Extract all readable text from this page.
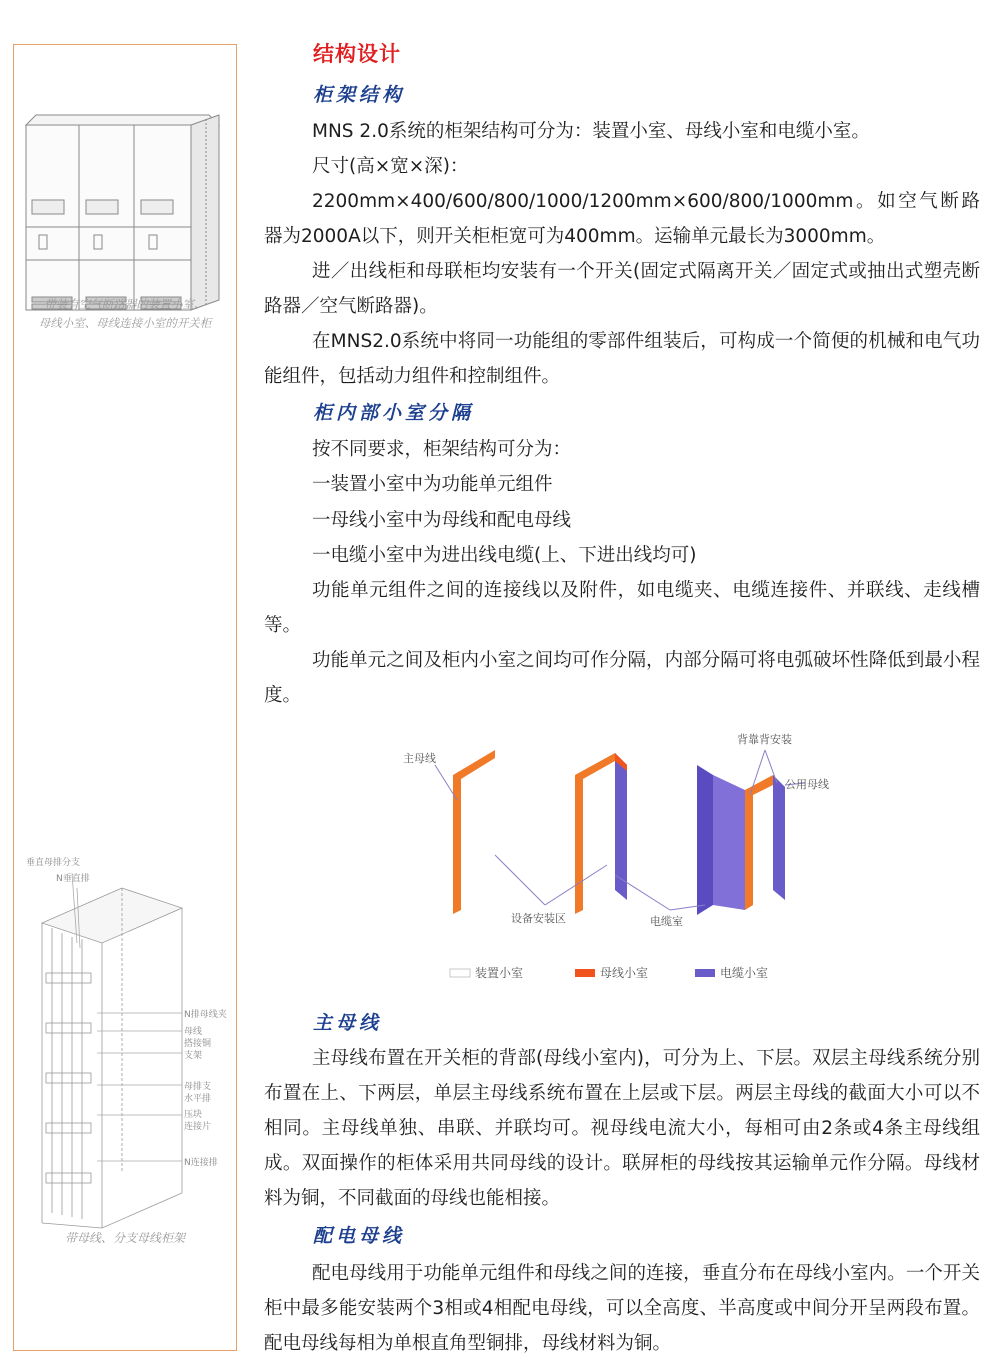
带装有空气断路器的装置小室、
母线小室、母线连接小室的开关柜
垂直母排分支
N垂直排
N排母线夹
母线
搭接铜
支架
母排支
水平排
压块
连接片
N连接排
带母线、分支母线柜架
结构设计
柜架结构
MNS 2.0系统的柜架结构可分为：装置小室、母线小室和电缆小室。
尺寸(高×宽×深)：
2200mm×400/600/800/1000/1200mm×600/800/1000mm。如空气断路器为2000A以下，则开关柜柜宽可为400mm。运输单元最长为3000mm。
进／出线柜和母联柜均安装有一个开关(固定式隔离开关／固定式或抽出式塑壳断路器／空气断路器)。
在MNS2.0系统中将同一功能组的零部件组装后，可构成一个简便的机械和电气功能组件，包括动力组件和控制组件。
柜内部小室分隔
按不同要求，柜架结构可分为：
一装置小室中为功能单元组件
一母线小室中为母线和配电母线
一电缆小室中为进出线电缆(上、下进出线均可)
功能单元组件之间的连接线以及附件，如电缆夹、电缆连接件、并联线、走线槽等。
功能单元之间及柜内小室之间均可作分隔，内部分隔可将电弧破坏性降低到最小程度。
主母线
背靠背安装
公用母线
设备安装区	电缆室
装置小室	母线小室	电缆小室
主母线
主母线布置在开关柜的背部(母线小室内)，可分为上、下层。双层主母线系统分别布置在上、下两层，单层主母线系统布置在上层或下层。两层主母线的截面大小可以不相同。主母线单独、串联、并联均可。视母线电流大小，每相可由2条或4条主母线组成。双面操作的柜体采用共同母线的设计。联屏柜的母线按其运输单元作分隔。母线材料为铜，不同截面的母线也能相接。
配电母线
配电母线用于功能单元组件和母线之间的连接，垂直分布在母线小室内。一个开关柜中最多能安装两个3相或4相配电母线，可以全高度、半高度或中间分开呈两段布置。配电母线每相为单根直角型铜排，母线材料为铜。
